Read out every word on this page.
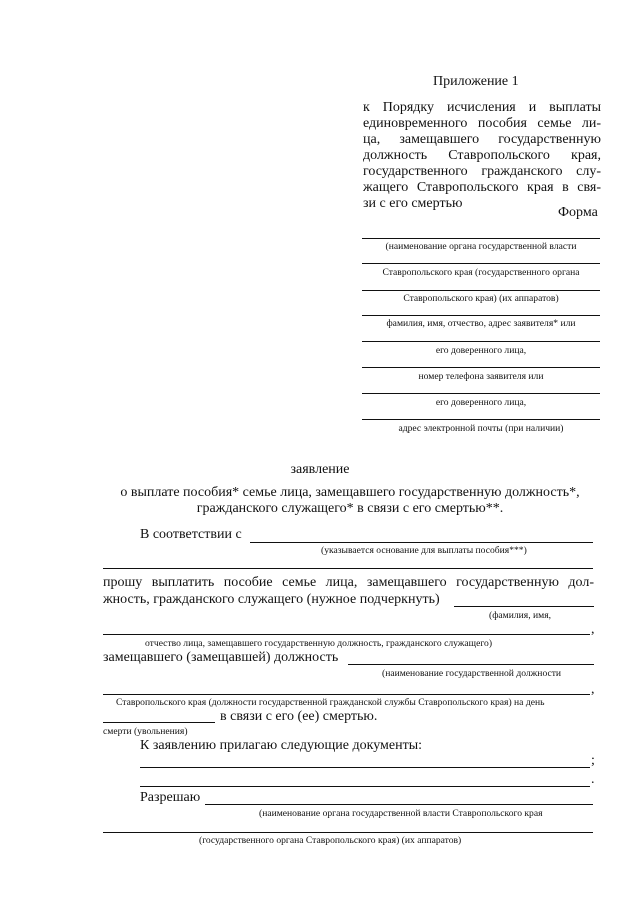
Приложение 1
к Порядку исчисления и выплаты
единовременного пособия семье ли-
ца, замещавшего государственную
должность Ставропольского края,
государственного гражданского слу-
жащего Ставропольского края в свя-
зи с его смертью
Форма
(наименование органа государственной власти
Ставропольского края (государственного органа
Ставропольского края) (их аппаратов)
фамилия, имя, отчество, адрес заявителя* или
его доверенного лица,
номер телефона заявителя или
его доверенного лица,
адрес электронной почты (при наличии)
заявление
о выплате пособия* семье лица, замещавшего государственную должность*,
гражданского служащего* в связи с его смертью**.
В соответствии с
(указывается основание для выплаты пособия***)
прошу выплатить пособие семье лица, замещавшего государственную дол-
жность, гражданского служащего (нужное подчеркнуть)
(фамилия, имя,
,
отчество лица, замещавшего государственную должность, гражданского служащего)
замещавшего (замещавшей) должность
(наименование государственной должности
,
Ставропольского края (должности государственной гражданской службы Ставропольского края) на день
в связи с его (ее) смертью.
смерти (увольнения)
К заявлению прилагаю следующие документы:
;
.
Разрешаю
(наименование органа государственной власти Ставропольского края
(государственного органа Ставропольского края) (их аппаратов)
